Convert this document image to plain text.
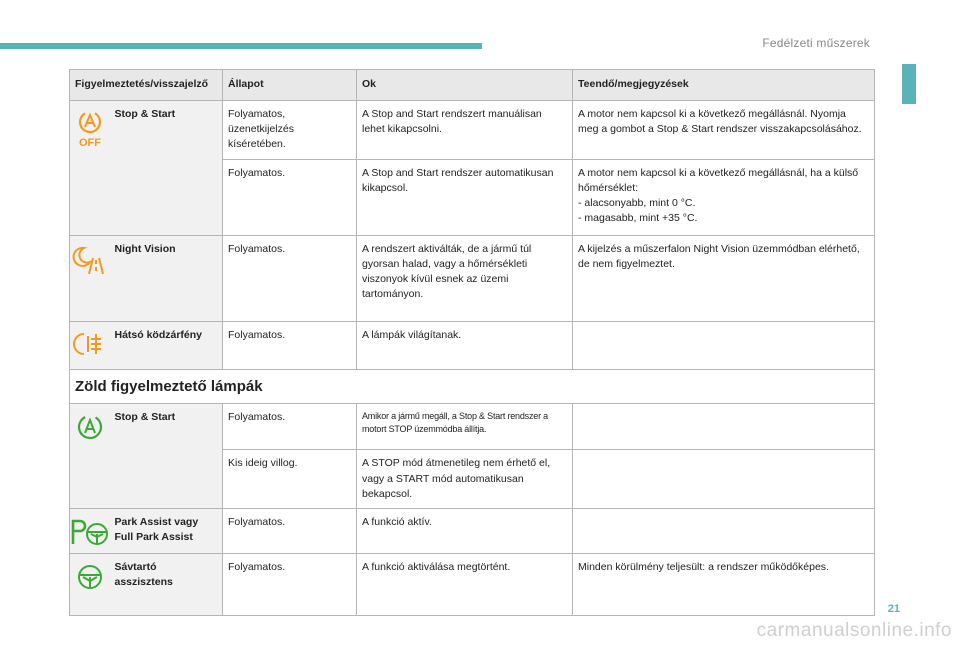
Fedélzeti műszerek
Figyelmeztetés/visszajelző		Állapot	Ok	Teendő/megjegyzések

OFF	Stop & Start	Folyamatos, üzenetkijelzés kíséretében.	A Stop and Start rendszert manuálisan lehet kikapcsolni.	A motor nem kapcsol ki a következő megállásnál. Nyomja meg a gombot a Stop & Start rendszer visszakapcsolásához.
		Folyamatos.	A Stop and Start rendszer automatikusan kikapcsol.	A motor nem kapcsol ki a következő megállásnál, ha a külső hőmérséklet:
- alacsonyabb, mint 0 °C.
- magasabb, mint +35 °C.

	Night Vision	Folyamatos.	A rendszert aktiválták, de a jármű túl gyorsan halad, vagy a hőmérsékleti viszonyok kívül esnek az üzemi tartományon.	A kijelzés a műszerfalon Night Vision üzemmódban elérhető, de nem figyelmeztet.

	Hátsó ködzárfény	Folyamatos.	A lámpák világítanak.	
Zöld figyelmeztető lámpák				

	Stop & Start	Folyamatos.	Amikor a jármű megáll, a Stop & Start rendszer a motort STOP üzemmódba állítja.	
		Kis ideig villog.	A STOP mód átmenetileg nem érhető el, vagy a START mód automatikusan bekapcsol.	

	Park Assist vagy Full Park Assist	Folyamatos.	A funkció aktív.	

	Sávtartó asszisztens	Folyamatos.	A funkció aktiválása megtörtént.	Minden körülmény teljesült: a rendszer működőképes.
21
carmanualsonline.info
